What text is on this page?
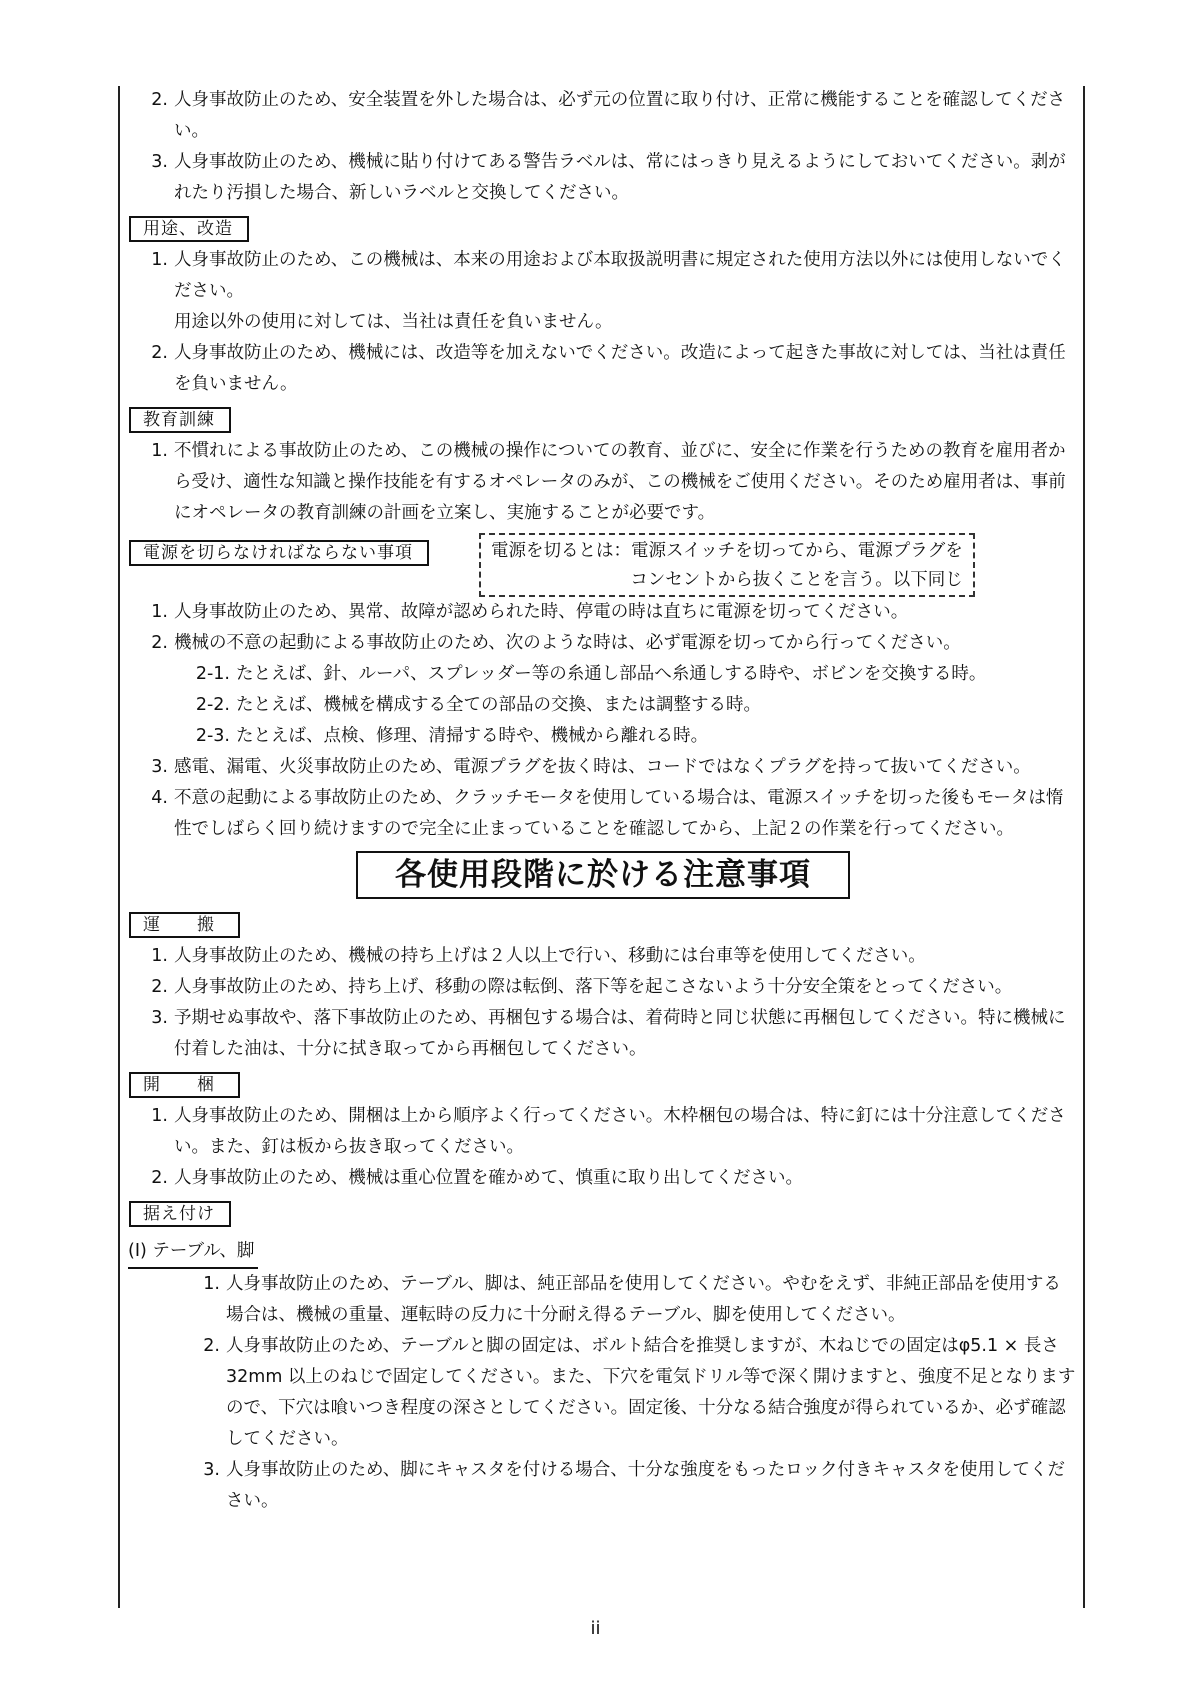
2. 人身事故防止のため、安全装置を外した場合は、必ず元の位置に取り付け、正常に機能することを確認してください。
3. 人身事故防止のため、機械に貼り付けてある警告ラベルは、常にはっきり見えるようにしておいてください。剥がれたり汚損した場合、新しいラベルと交換してください。
用途、改造
1. 人身事故防止のため、この機械は、本来の用途および本取扱説明書に規定された使用方法以外には使用しないでください。
用途以外の使用に対しては、当社は責任を負いません。
2. 人身事故防止のため、機械には、改造等を加えないでください。改造によって起きた事故に対しては、当社は責任を負いません。
教育訓練
1. 不慣れによる事故防止のため、この機械の操作についての教育、並びに、安全に作業を行うための教育を雇用者から受け、適性な知識と操作技能を有するオペレータのみが、この機械をご使用ください。そのため雇用者は、事前にオペレータの教育訓練の計画を立案し、実施することが必要です。
電源を切らなければならない事項	電源を切るとは：電源スイッチを切ってから、電源プラグを
コンセントから抜くことを言う。以下同じ
1. 人身事故防止のため、異常、故障が認められた時、停電の時は直ちに電源を切ってください。
2. 機械の不意の起動による事故防止のため、次のような時は、必ず電源を切ってから行ってください。
2-1. たとえば、針、ルーパ、スプレッダー等の糸通し部品へ糸通しする時や、ボビンを交換する時。
2-2. たとえば、機械を構成する全ての部品の交換、または調整する時。
2-3. たとえば、点検、修理、清掃する時や、機械から離れる時。
3. 感電、漏電、火災事故防止のため、電源プラグを抜く時は、コードではなくプラグを持って抜いてください。
4. 不意の起動による事故防止のため、クラッチモータを使用している場合は、電源スイッチを切った後もモータは惰性でしばらく回り続けますので完全に止まっていることを確認してから、上記２の作業を行ってください。
各使用段階に於ける注意事項
運　搬
1. 人身事故防止のため、機械の持ち上げは２人以上で行い、移動には台車等を使用してください。
2. 人身事故防止のため、持ち上げ、移動の際は転倒、落下等を起こさないよう十分安全策をとってください。
3. 予期せぬ事故や、落下事故防止のため、再梱包する場合は、着荷時と同じ状態に再梱包してください。特に機械に付着した油は、十分に拭き取ってから再梱包してください。
開　梱
1. 人身事故防止のため、開梱は上から順序よく行ってください。木枠梱包の場合は、特に釘には十分注意してください。また、釘は板から抜き取ってください。
2. 人身事故防止のため、機械は重心位置を確かめて、慎重に取り出してください。
据え付け
(Ⅰ) テーブル、脚
1. 人身事故防止のため、テーブル、脚は、純正部品を使用してください。やむをえず、非純正部品を使用する場合は、機械の重量、運転時の反力に十分耐え得るテーブル、脚を使用してください。
2. 人身事故防止のため、テーブルと脚の固定は、ボルト結合を推奨しますが、木ねじでの固定はφ5.1 × 長さ 32mm 以上のねじで固定してください。また、下穴を電気ドリル等で深く開けますと、強度不足となりますので、下穴は喰いつき程度の深さとしてください。固定後、十分なる結合強度が得られているか、必ず確認してください。
3. 人身事故防止のため、脚にキャスタを付ける場合、十分な強度をもったロック付きキャスタを使用してください。
ii
